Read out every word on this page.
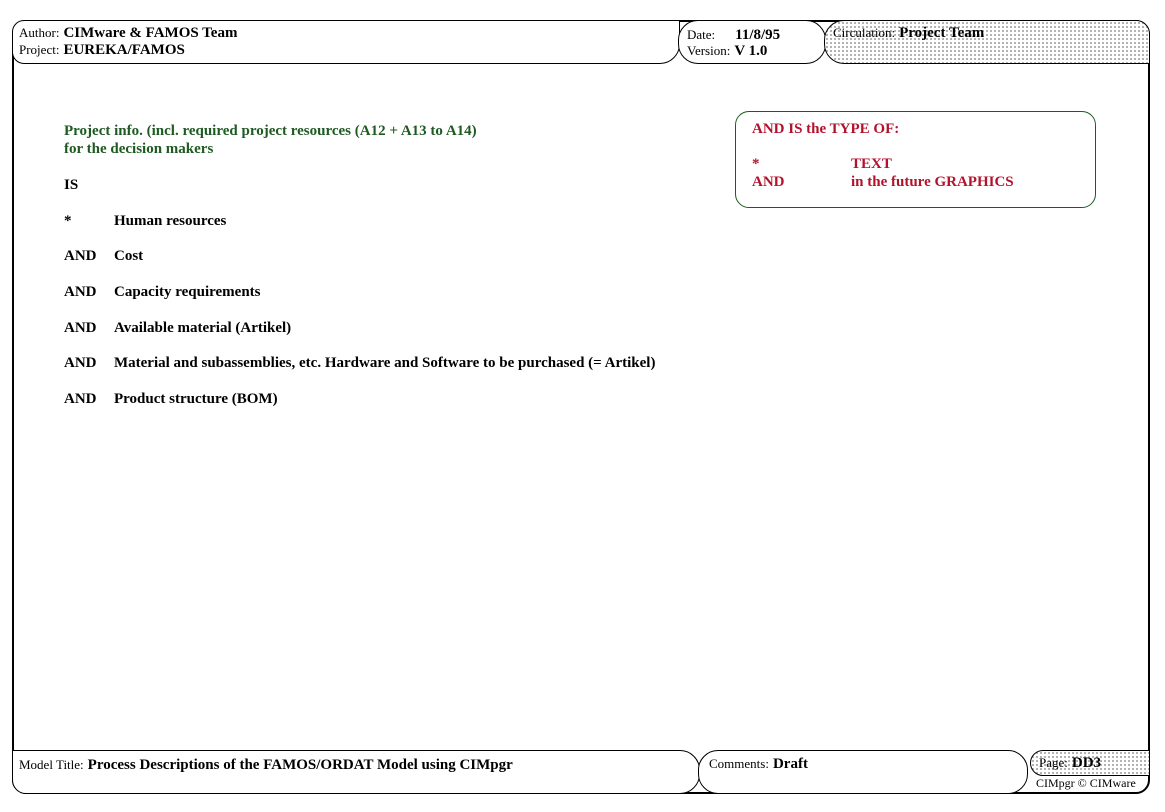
Author: CIMware & FAMOS Team
Project: EUREKA/FAMOS
Date: 11/8/95
Version: V 1.0
Circulation: Project Team
Project info. (incl. required project resources (A12 + A13 to A14)
for the decision makers
IS
*	Human resources
AND Cost
AND Capacity requirements
AND Available material (Artikel)
AND Material and subassemblies, etc. Hardware and Software to be purchased (= Artikel)
AND Product structure (BOM)
AND IS the TYPE OF:
*	TEXT
AND	in the future GRAPHICS
Model Title: Process Descriptions of the FAMOS/ORDAT Model using CIMpgr	Comments: Draft	Page: DD3
CIMpgr © CIMware
